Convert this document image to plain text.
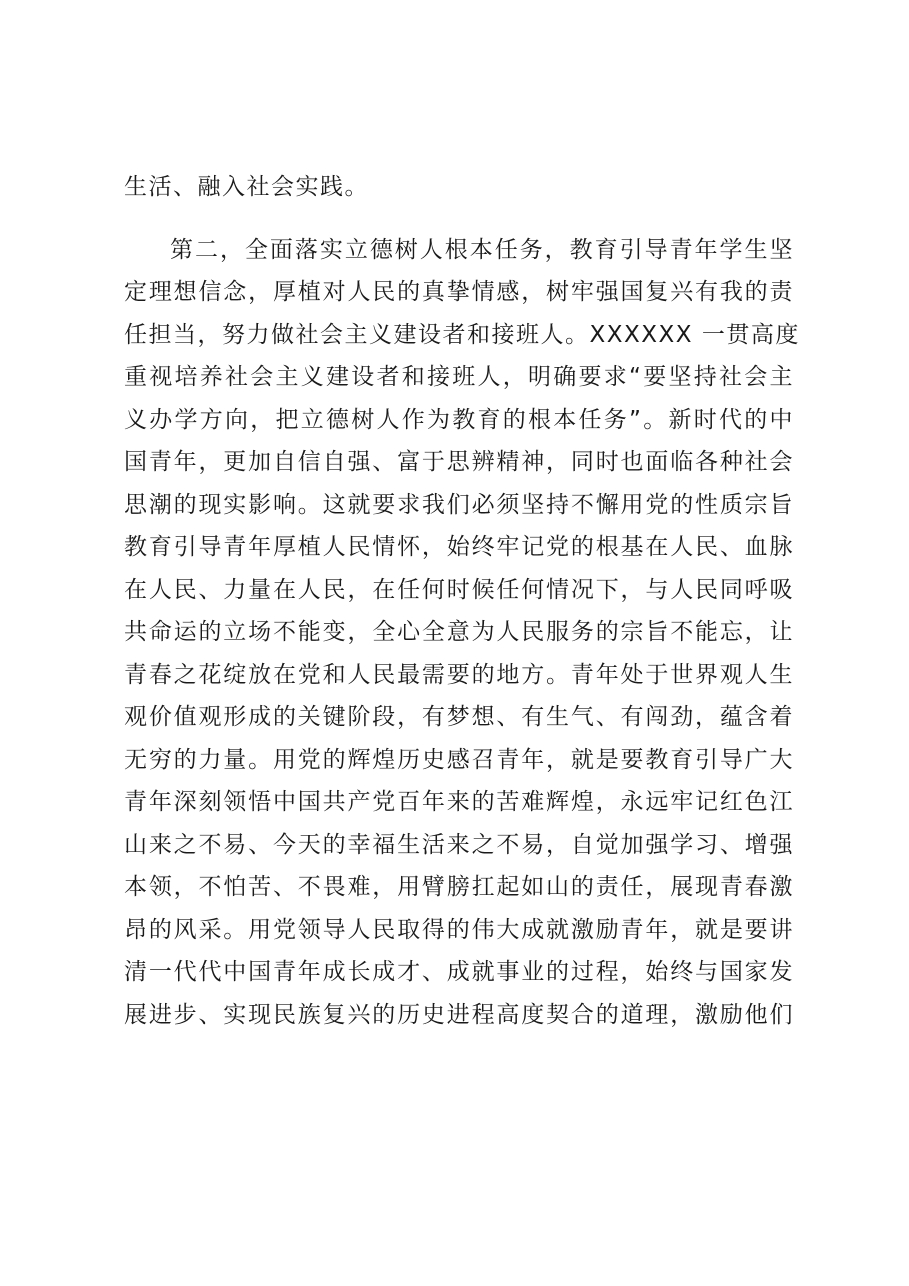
生活、融入社会实践。
第二，全面落实立德树人根本任务，教育引导青年学生坚
定理想信念，厚植对人民的真挚情感，树牢强国复兴有我的责
任担当，努力做社会主义建设者和接班人。XXXXXX 一贯高度
重视培养社会主义建设者和接班人，明确要求“要坚持社会主
义办学方向，把立德树人作为教育的根本任务”。新时代的中
国青年，更加自信自强、富于思辨精神，同时也面临各种社会
思潮的现实影响。这就要求我们必须坚持不懈用党的性质宗旨
教育引导青年厚植人民情怀，始终牢记党的根基在人民、血脉
在人民、力量在人民，在任何时候任何情况下，与人民同呼吸
共命运的立场不能变，全心全意为人民服务的宗旨不能忘，让
青春之花绽放在党和人民最需要的地方。青年处于世界观人生
观价值观形成的关键阶段，有梦想、有生气、有闯劲，蕴含着
无穷的力量。用党的辉煌历史感召青年，就是要教育引导广大
青年深刻领悟中国共产党百年来的苦难辉煌，永远牢记红色江
山来之不易、今天的幸福生活来之不易，自觉加强学习、增强
本领，不怕苦、不畏难，用臂膀扛起如山的责任，展现青春激
昂的风采。用党领导人民取得的伟大成就激励青年，就是要讲
清一代代中国青年成长成才、成就事业的过程，始终与国家发
展进步、实现民族复兴的历史进程高度契合的道理，激励他们
